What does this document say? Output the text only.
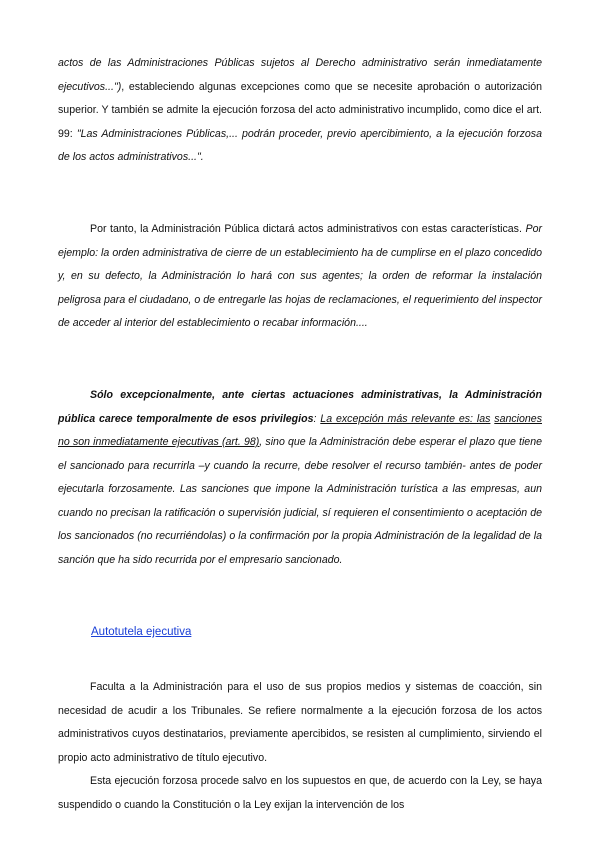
actos de las Administraciones Públicas sujetos al Derecho administrativo serán inmediatamente ejecutivos..."), estableciendo algunas excepciones como que se necesite aprobación o autorización superior. Y también se admite la ejecución forzosa del acto administrativo incumplido, como dice el art. 99: "Las Administraciones Públicas,... podrán proceder, previo apercibimiento, a la ejecución forzosa de los actos administrativos...".

Por tanto, la Administración Pública dictará actos administrativos con estas características. Por ejemplo: la orden administrativa de cierre de un establecimiento ha de cumplirse en el plazo concedido y, en su defecto, la Administración lo hará con sus agentes; la orden de reformar la instalación peligrosa para el ciudadano, o de entregarle las hojas de reclamaciones, el requerimiento del inspector de acceder al interior del establecimiento o recabar información....

Sólo excepcionalmente, ante ciertas actuaciones administrativas, la Administración pública carece temporalmente de esos privilegios: La excepción más relevante es: las sanciones no son inmediatamente ejecutivas (art. 98), sino que la Administración debe esperar el plazo que tiene el sancionado para recurrirla –y cuando la recurre, debe resolver el recurso también- antes de poder ejecutarla forzosamente. Las sanciones que impone la Administración turística a las empresas, aun cuando no precisan la ratificación o supervisión judicial, sí requieren el consentimiento o aceptación de los sancionados (no recurriéndolas) o la confirmación por la propia Administración de la legalidad de la sanción que ha sido recurrida por el empresario sancionado.

Autotutela ejecutiva

Faculta a la Administración para el uso de sus propios medios y sistemas de coacción, sin necesidad de acudir a los Tribunales. Se refiere normalmente a la ejecución forzosa de los actos administrativos cuyos destinatarios, previamente apercibidos, se resisten al cumplimiento, sirviendo el propio acto administrativo de título ejecutivo.

Esta ejecución forzosa procede salvo en los supuestos en que, de acuerdo con la Ley, se haya suspendido o cuando la Constitución o la Ley exijan la intervención de los
